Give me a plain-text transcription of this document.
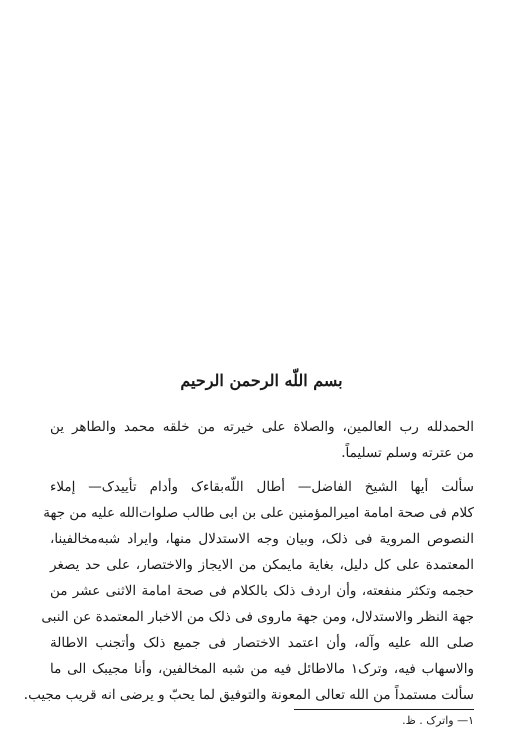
بسم اللّه الرحمن الرحيم
الحمدلله رب العالمين، والصلاة على خيرته من خلقه محمد والطاهر ين
من عترته وسلم تسليماً.
سألت أيها الشيخ الفاضل— أطال اللّه‌بقاءک وأدام تأييدک— إملاء
كلام فی صحة امامة اميرالمؤمنين على بن ابى طالب صلوات‌الله عليه من جهة
النصوص المروية فی ذلک، وبيان وجه الاستدلال منها، وايراد شبه‌مخالفينا،
المعتمدة على كل دليل، بغاية مايمكن من الايجاز والاختصار، على حد يصغر
حجمه وتكثر منفعته، وأن اردف ذلک بالكلام فی صحة امامة الاثنی عشر من
جهة النظر والاستدلال، ومن جهة ماروی فی ذلک من الاخبار المعتمدة عن النبی
صلى الله عليه وآله، وأن اعتمد الاختصار فی جميع ذلک وأتجنب الاطالة
والاسهاب فيه، وترک۱ مالاطائل فيه من شبه المخالفين، وأنا مجيبک الى ما
سألت مستمداً من الله تعالى المعونة والتوفيق لما يحبّ و يرضى انه قريب مجيب.
۱— واترک . ظ.
